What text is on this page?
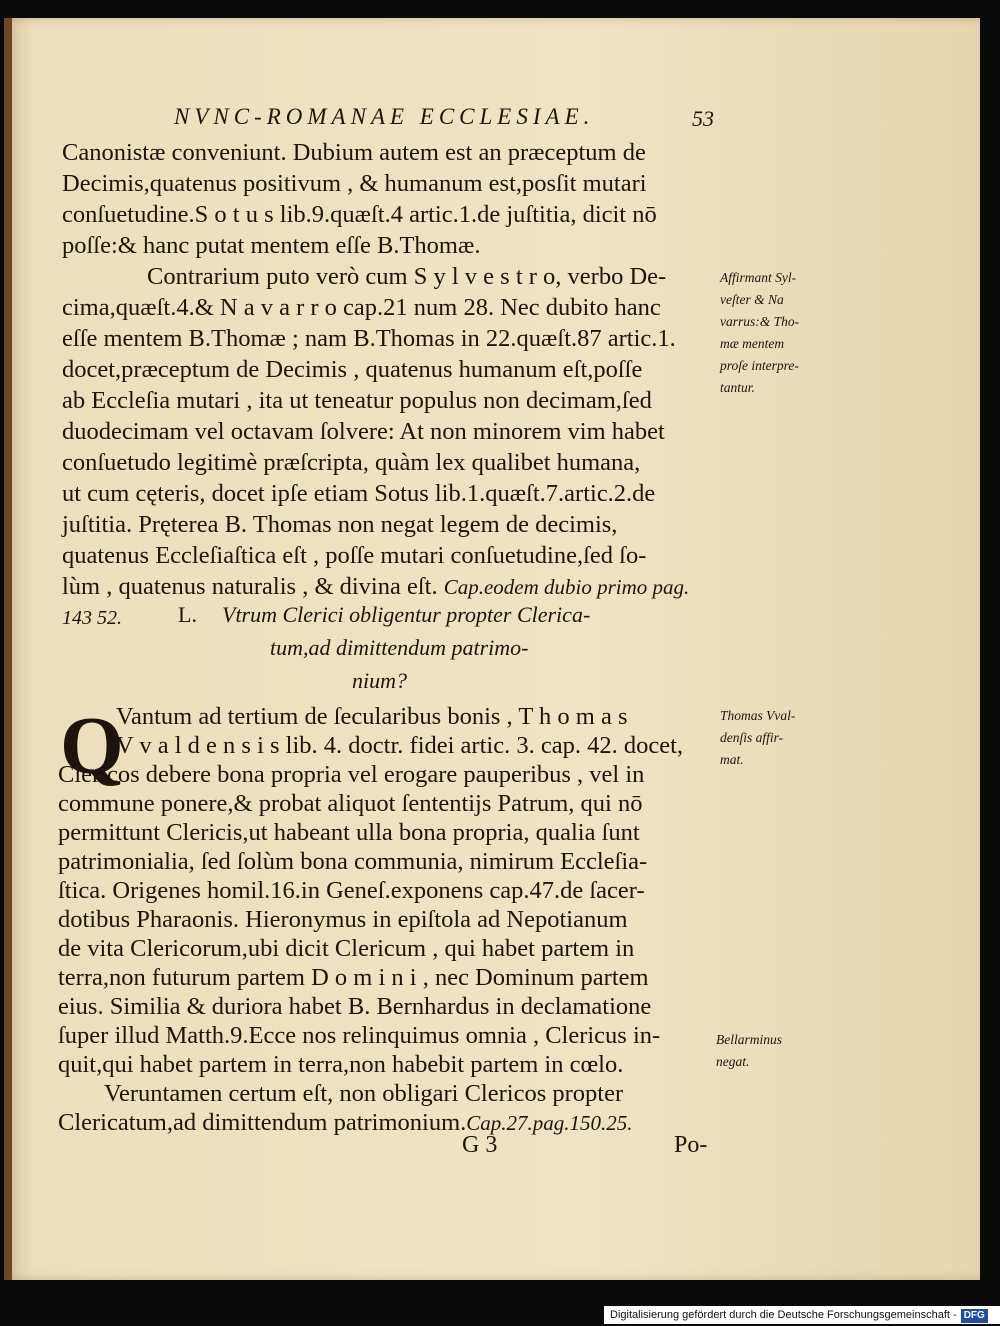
NVNC-ROMANAE ECCLESIAE.	53
Canonistæ conveniunt. Dubium autem est an præceptum de
Decimis,quatenus positivum , & humanum est,posſit mutari
conſuetudine.S o t u s lib.9.quæſt.4 artic.1.de juſtitia, dicit nō
poſſe:& hanc putat mentem eſſe B.Thomæ.
Contrarium puto verò cum S y l v e s t r o, verbo De-
cima,quæſt.4.& N a v a r r o cap.21 num 28. Nec dubito hanc
eſſe mentem B.Thomæ ; nam B.Thomas in 22.quæſt.87 artic.1.
docet,præceptum de Decimis , quatenus humanum eſt,poſſe
ab Eccleſia mutari , ita ut teneatur populus non decimam,ſed
duodecimam vel octavam ſolvere: At non minorem vim habet
conſuetudo legitimè præſcripta, quàm lex qualibet humana,
ut cum cęteris, docet ipſe etiam Sotus lib.1.quæſt.7.artic.2.de
juſtitia. Pręterea B. Thomas non negat legem de decimis,
quatenus Eccleſiaſtica eſt , poſſe mutari conſuetudine,ſed ſo-
lùm , quatenus naturalis , & divina eſt. Cap.eodem dubio primo pag.
143 52.	L. Vtrum Clerici obligentur propter Clerica-
tum,ad dimittendum patrimo-
nium?
Q
Vantum ad tertium de ſecularibus bonis , T h o m a s
V v a l d e n s i s lib. 4. doctr. fidei artic. 3. cap. 42. docet,
Clericos debere bona propria vel erogare pauperibus , vel in
commune ponere,& probat aliquot ſententijs Patrum, qui nō
permittunt Clericis,ut habeant ulla bona propria, qualia ſunt
patrimonialia, ſed ſolùm bona communia, nimirum Eccleſia-
ſtica. Origenes homil.16.in Geneſ.exponens cap.47.de ſacer-
dotibus Pharaonis. Hieronymus in epiſtola ad Nepotianum
de vita Clericorum,ubi dicit Clericum , qui habet partem in
terra,non futurum partem D o m i n i , nec Dominum partem
eius. Similia & duriora habet B. Bernhardus in declamatione
ſuper illud Matth.9.Ecce nos relinquimus omnia , Clericus in-
quit,qui habet partem in terra,non habebit partem in cœlo.
Veruntamen certum eſt, non obligari Clericos propter
Clericatum,ad dimittendum patrimonium.Cap.27.pag.150.25.
G 3	Po-
Affirmant Syl-
veſter & Na
varrus:& Tho-
mæ mentem
proſe interpre-
tantur.
Thomas Vval-
denſis affir-
mat.
Bellarminus
negat.
Digitalisierung gefördert durch die Deutsche Forschungsgemeinschaft - DFG
